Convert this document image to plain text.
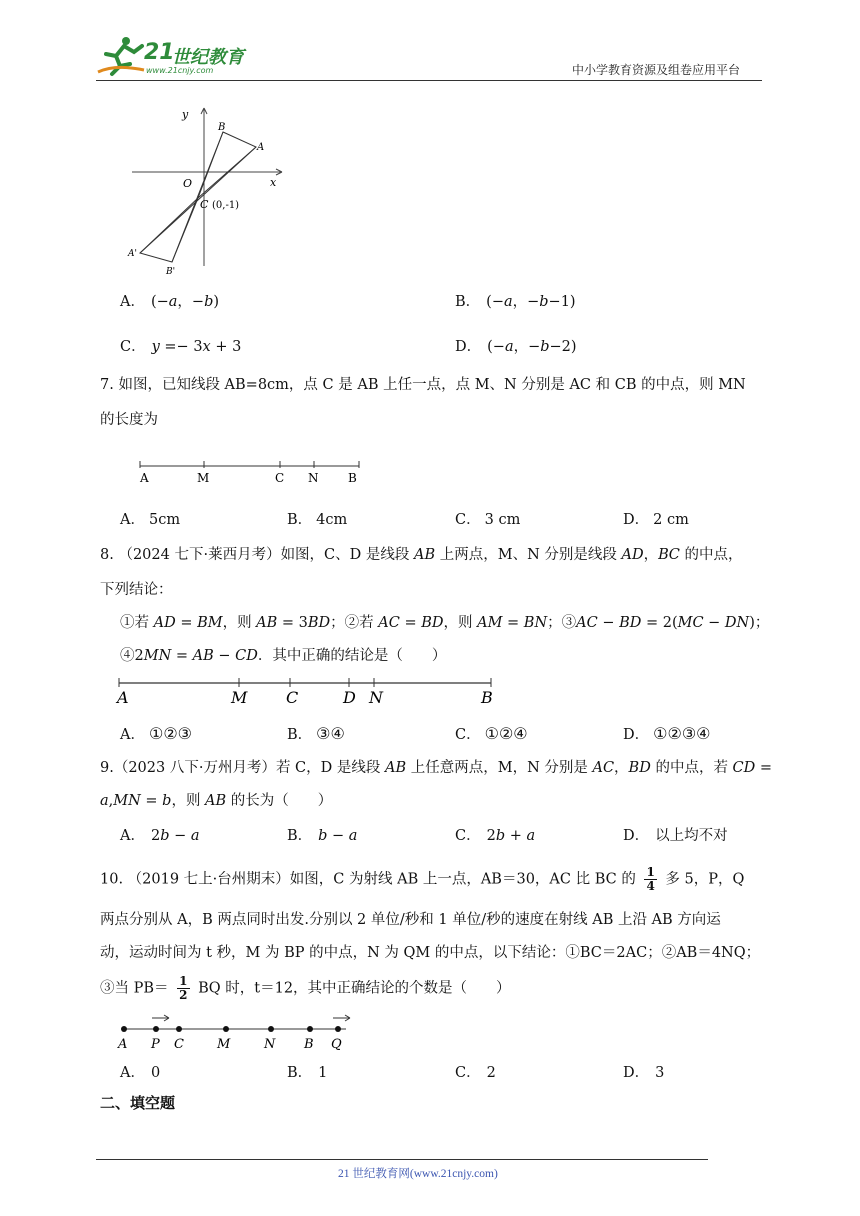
21
世纪教育
www.21cnjy.com	中小学教育资源及组卷应用平台
y
x
O
B
A
C (0,-1)
A'
B'
A． (−𝑎，−𝑏)	B． (−𝑎，−𝑏−1)
C． 𝑦 =− 3𝑥 + 3	D． (−𝑎，−𝑏−2)
7. 如图，已知线段 AB=8cm，点 C 是 AB 上任一点，点 M、N 分别是 AC 和 CB 的中点，则 MN
的长度为
A	M	C N B
A． 5cm	B． 4cm	C． 3 cm	D． 2 cm
8. （2024 七下·莱西月考）如图，C、D 是线段 𝐴𝐵 上两点，M、N 分别是线段 𝐴𝐷，𝐵𝐶 的中点，
下列结论：
①若 𝐴𝐷 = 𝐵𝑀，则 𝐴𝐵 = 3𝐵𝐷；②若 𝐴𝐶 = 𝐵𝐷，则 𝐴𝑀 = 𝐵𝑁；③𝐴𝐶 − 𝐵𝐷 = 2(𝑀𝐶 − 𝐷𝑁)；
④2𝑀𝑁 = 𝐴𝐵 − 𝐶𝐷．其中正确的结论是（　　）
A	M C	D N	B
A． ①②③	B． ③④	C． ①②④	D． ①②③④
9.（2023 八下·万州月考）若 C，D 是线段 𝐴𝐵 上任意两点，M，N 分别是 𝐴𝐶，𝐵𝐷 的中点，若 𝐶𝐷 =
𝑎,𝑀𝑁 = 𝑏，则 𝐴𝐵 的长为（　　）
A． 2𝑏 − 𝑎	B． 𝑏 − 𝑎	C． 2𝑏 + 𝑎	D． 以上均不对
10. （2019 七上·台州期末）如图，C 为射线 AB 上一点，AB＝30，AC 比 BC 的 $\frac{1}{4}$ 多 5，P，Q
两点分别从 A，B 两点同时出发.分别以 2 单位/秒和 1 单位/秒的速度在射线 AB 上沿 AB 方向运
动，运动时间为 t 秒，M 为 BP 的中点，N 为 QM 的中点，以下结论：①BC＝2AC；②AB＝4NQ；
③当 $PB= \frac{1}{2}$ BQ 时，t＝12，其中正确结论的个数是（　　）
A P C	M	N B Q
A． 0	B． 1	C． 2	D． 3
二、填空题
21 世纪教育网(www.21cnjy.com)
